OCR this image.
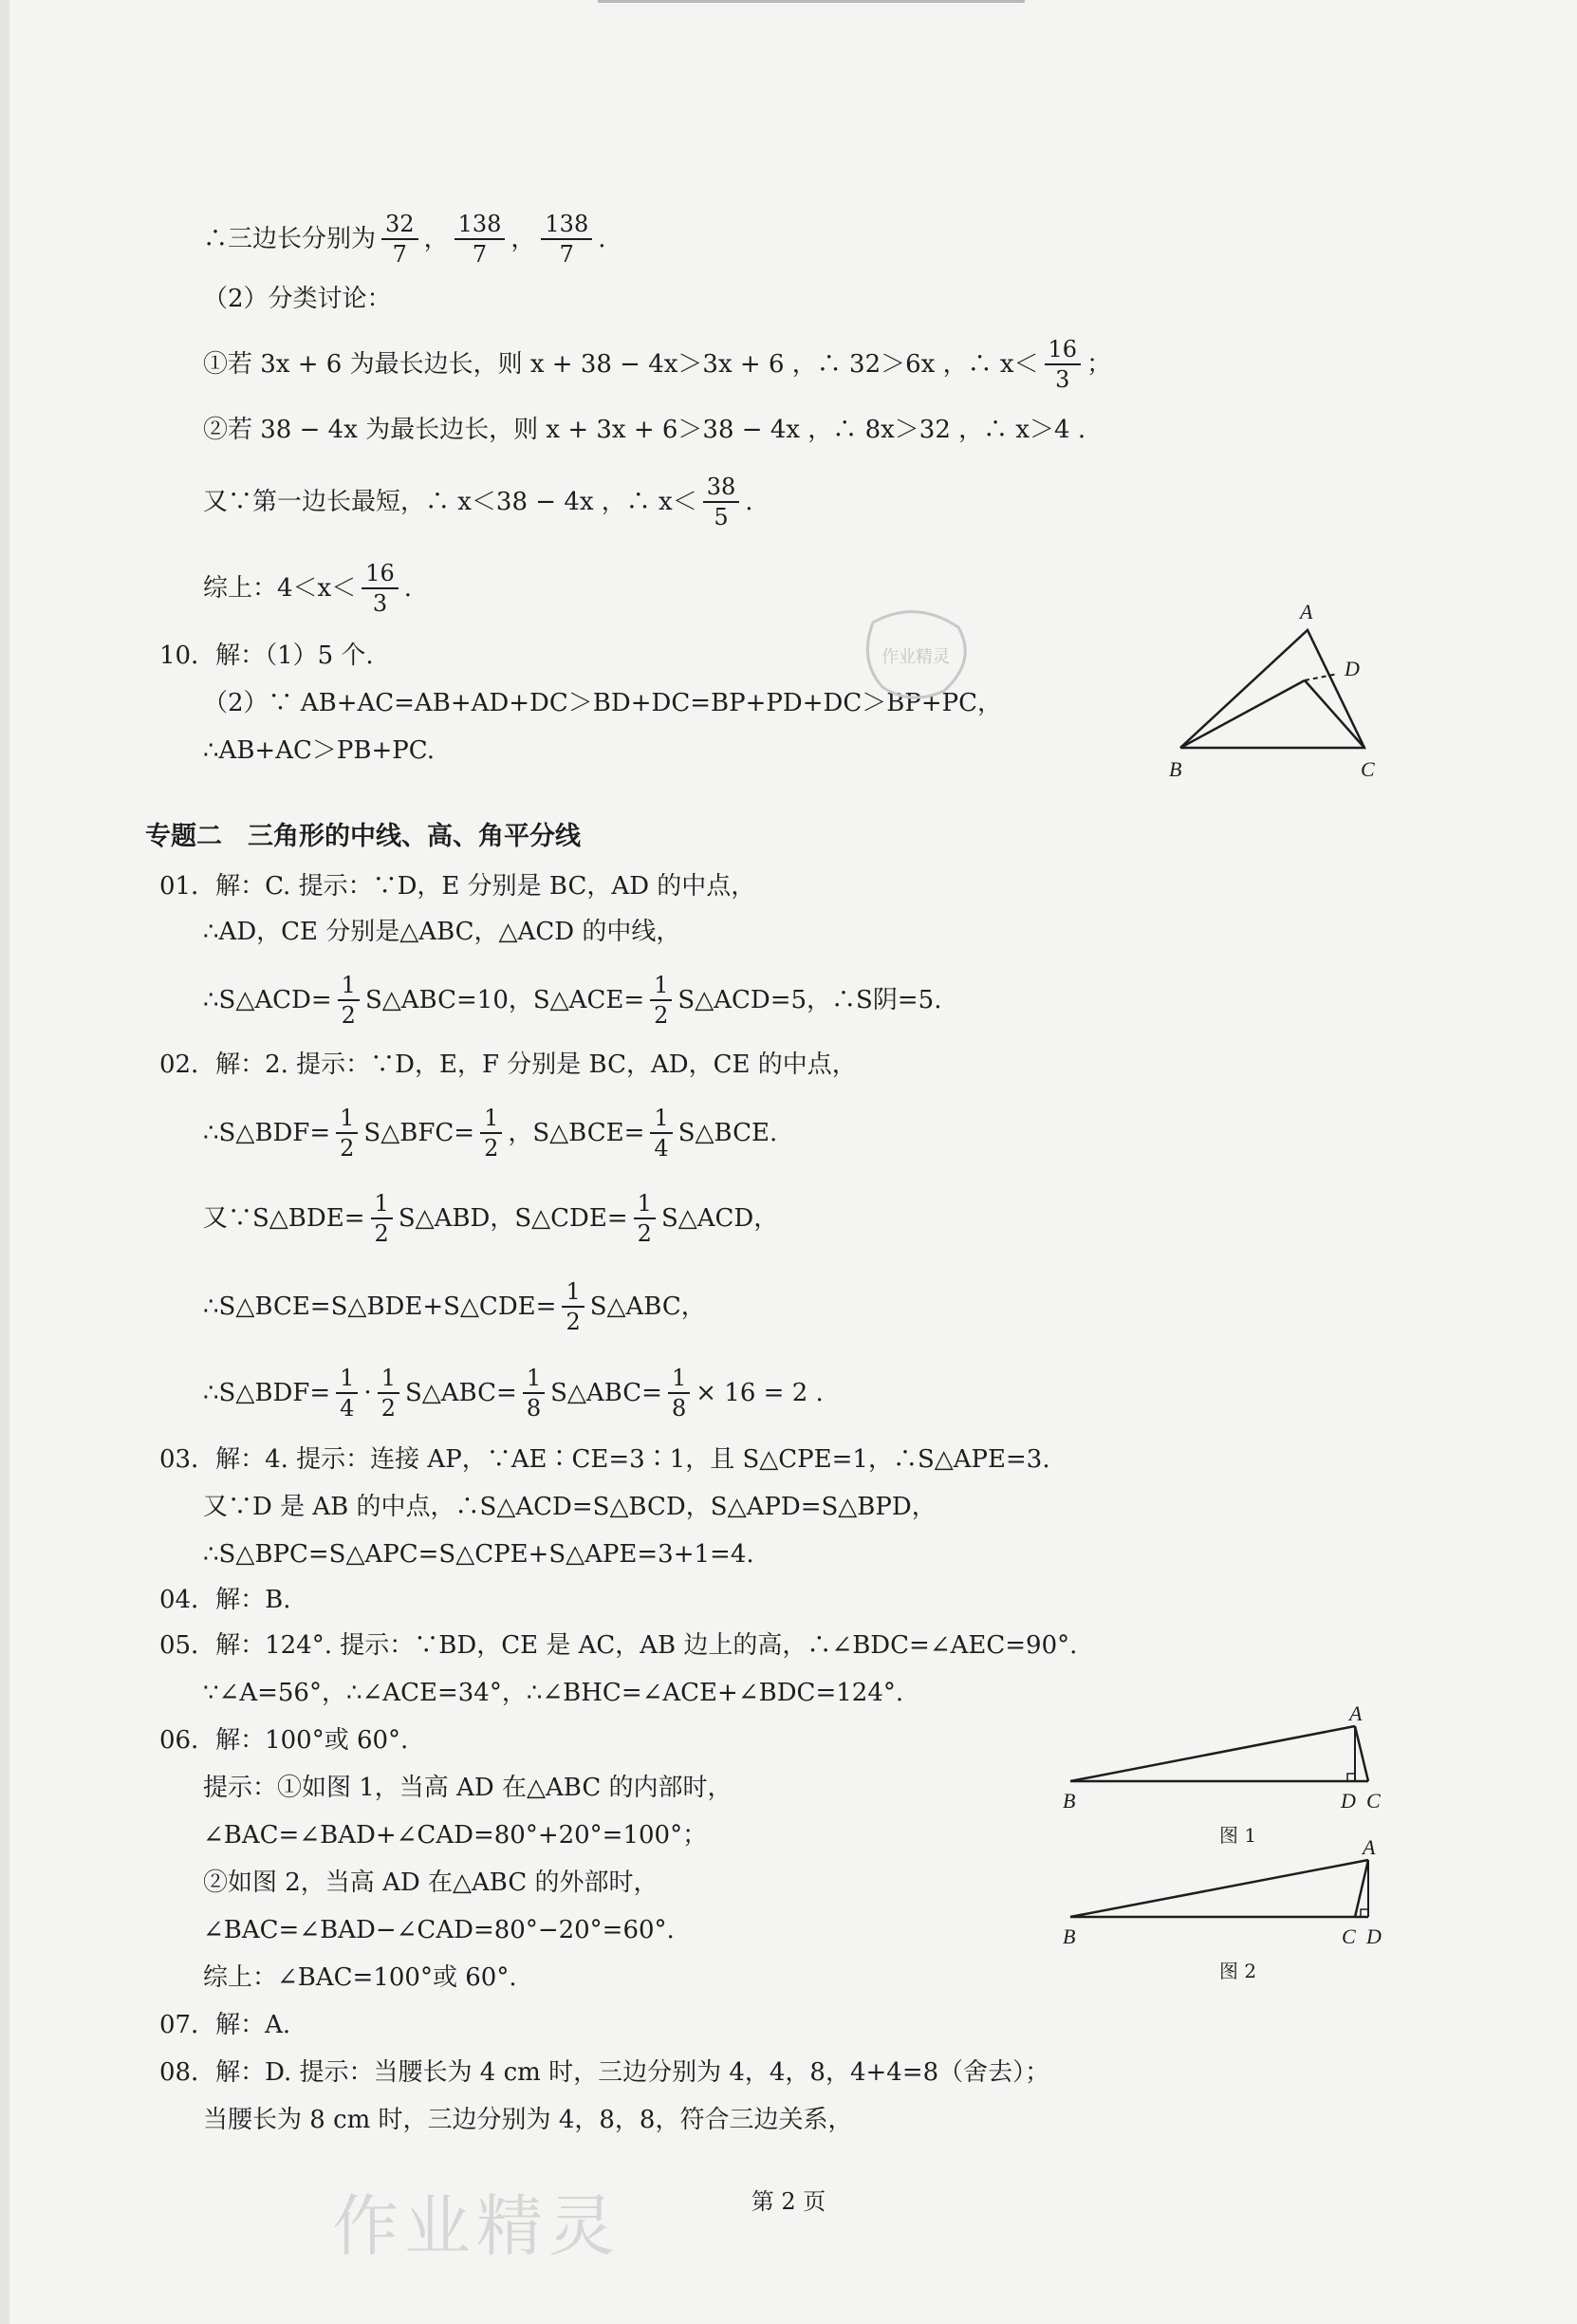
∴三边长分别为 $\frac{32}{7}$ ， $\frac{138}{7}$ ， $\frac{138}{7}$ .
（2）分类讨论：
①若 3x + 6 为最长边长，则 x + 38 − 4x＞3x + 6 ，∴ 32＞6x ，∴ $x< \frac{16}{3}$ ；
②若 38 − 4x 为最长边长，则 x + 3x + 6＞38 − 4x ，∴ 8x＞32 ，∴ x＞4 .
又∵第一边长最短，∴ x＜38 − 4x ，∴ $x< \frac{38}{5}$ .
综上：$4<x< \frac{16}{3}$ .
10．解：（1）5 个.
（2）∵ AB+AC=AB+AD+DC＞BD+DC=BP+PD+DC＞BP+PC，
∴AB+AC＞PB+PC.
作业精灵
A
D
B	C
专题二　三角形的中线、高、角平分线
01．解：C. 提示：∵D，E 分别是 BC，AD 的中点，
∴AD，CE 分别是△ABC，△ACD 的中线，
∴S△ACD= $\frac{1}{2}$ S△ABC=10，S△ACE= $\frac{1}{2}$ S△ACD=5，∴S阴=5.
02．解：2. 提示：∵D，E，F 分别是 BC，AD，CE 的中点，
∴S△BDF= $\frac{1}{2}$ S△BFC= $\frac{1}{2}$ ，S△BCE= $\frac{1}{4}$ S△BCE.
又∵S△BDE= $\frac{1}{2}$ S△ABD，S△CDE= $\frac{1}{2}$ S△ACD，
∴S△BCE=S△BDE+S△CDE= $\frac{1}{2}$ S△ABC，
∴S△BDF= $\frac{1}{4} \cdot \frac{1}{2}$ S△ABC= $\frac{1}{8}$ S△ABC= $\frac{1}{8} \times 16 = 2$ .
03．解：4. 提示：连接 AP，∵AE∶CE=3∶1，且 S△CPE=1，∴S△APE=3.
又∵D 是 AB 的中点，∴S△ACD=S△BCD，S△APD=S△BPD，
∴S△BPC=S△APC=S△CPE+S△APE=3+1=4.
04．解：B.
05．解：124°. 提示：∵BD，CE 是 AC，AB 边上的高，∴∠BDC=∠AEC=90°.
∵∠A=56°，∴∠ACE=34°，∴∠BHC=∠ACE+∠BDC=124°.
06．解：100°或 60°.
提示：①如图 1，当高 AD 在△ABC 的内部时，
∠BAC=∠BAD+∠CAD=80°+20°=100°；
②如图 2，当高 AD 在△ABC 的外部时，
∠BAC=∠BAD−∠CAD=80°−20°=60°.
综上：∠BAC=100°或 60°.
07．解：A.
08．解：D. 提示：当腰长为 4 cm 时，三边分别为 4，4，8，4+4=8（舍去）；
当腰长为 8 cm 时，三边分别为 4，8，8，符合三边关系，
A
B	D C
图 1	A
B	C D
图 2
作业精灵	第 2 页
